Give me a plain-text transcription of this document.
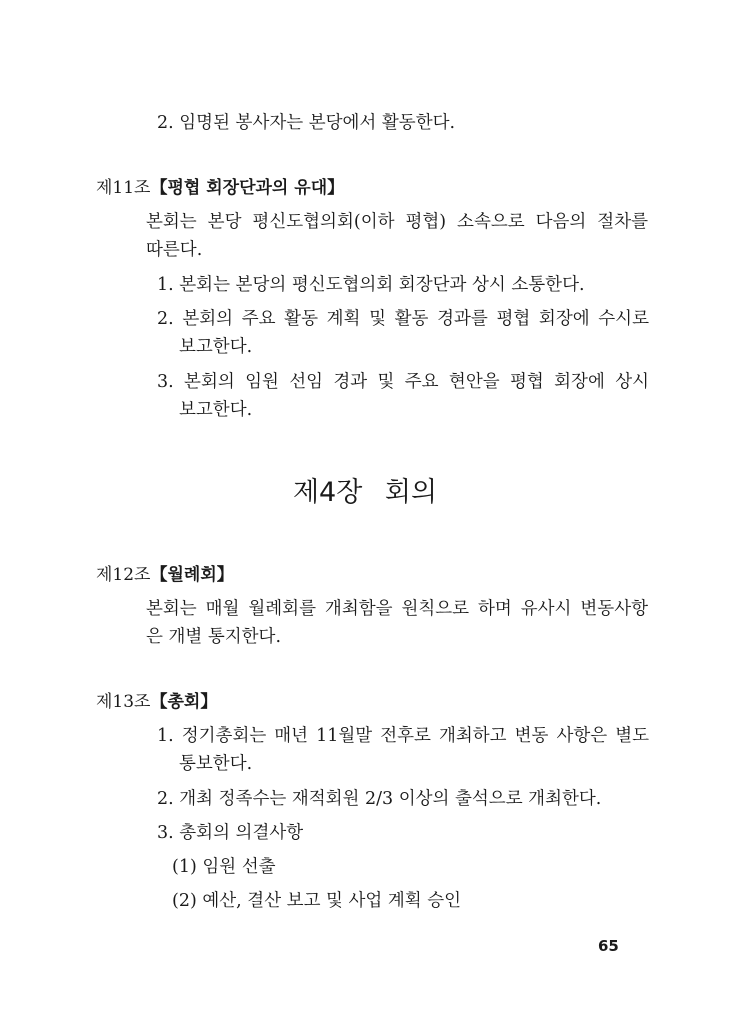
2. 임명된 봉사자는 본당에서 활동한다.
제11조【평협 회장단과의 유대】
본회는 본당 평신도협의회(이하 평협) 소속으로 다음의 절차를
따른다.
1. 본회는 본당의 평신도협의회 회장단과 상시 소통한다.
2. 본회의 주요 활동 계획 및 활동 경과를 평협 회장에 수시로
보고한다.
3. 본회의 임원 선임 경과 및 주요 현안을 평협 회장에 상시
보고한다.
제4장 회의
제12조【월례회】
본회는 매월 월례회를 개최함을 원칙으로 하며 유사시 변동사항
은 개별 통지한다.
제13조【총회】
1. 정기총회는 매년 11월말 전후로 개최하고 변동 사항은 별도
통보한다.
2. 개최 정족수는 재적회원 2/3 이상의 출석으로 개최한다.
3. 총회의 의결사항
(1) 임원 선출
(2) 예산, 결산 보고 및 사업 계획 승인
65
